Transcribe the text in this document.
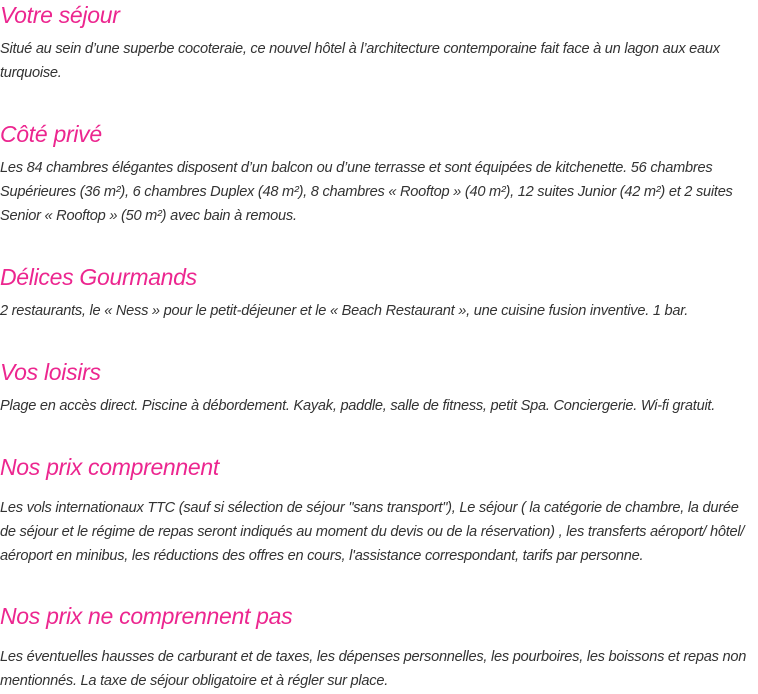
Votre séjour

Situé au sein d’une superbe cocoteraie, ce nouvel hôtel à l’architecture contemporaine fait face à un lagon aux eaux turquoise.

Côté privé

Les 84 chambres élégantes disposent d’un balcon ou d’une terrasse et sont équipées de kitchenette. 56 chambres Supérieures (36 m²), 6 chambres Duplex (48 m²), 8 chambres « Rooftop » (40 m²), 12 suites Junior (42 m²) et 2 suites Senior « Rooftop » (50 m²) avec bain à remous.

Délices Gourmands

2 restaurants, le « Ness » pour le petit-déjeuner et le « Beach Restaurant », une cuisine fusion inventive. 1 bar.

Vos loisirs

Plage en accès direct. Piscine à débordement. Kayak, paddle, salle de fitness, petit Spa. Conciergerie. Wi-fi gratuit.

Nos prix comprennent

Les vols internationaux TTC (sauf si sélection de séjour "sans transport"), Le séjour ( la catégorie de chambre, la durée de séjour et le régime de repas seront indiqués au moment du devis ou de la réservation) , les transferts aéroport/ hôtel/ aéroport en minibus, les réductions des offres en cours, l'assistance correspondant, tarifs par personne.

Nos prix ne comprennent pas

Les éventuelles hausses de carburant et de taxes, les dépenses personnelles, les pourboires, les boissons et repas non mentionnés. La taxe de séjour obligatoire et à régler sur place.
